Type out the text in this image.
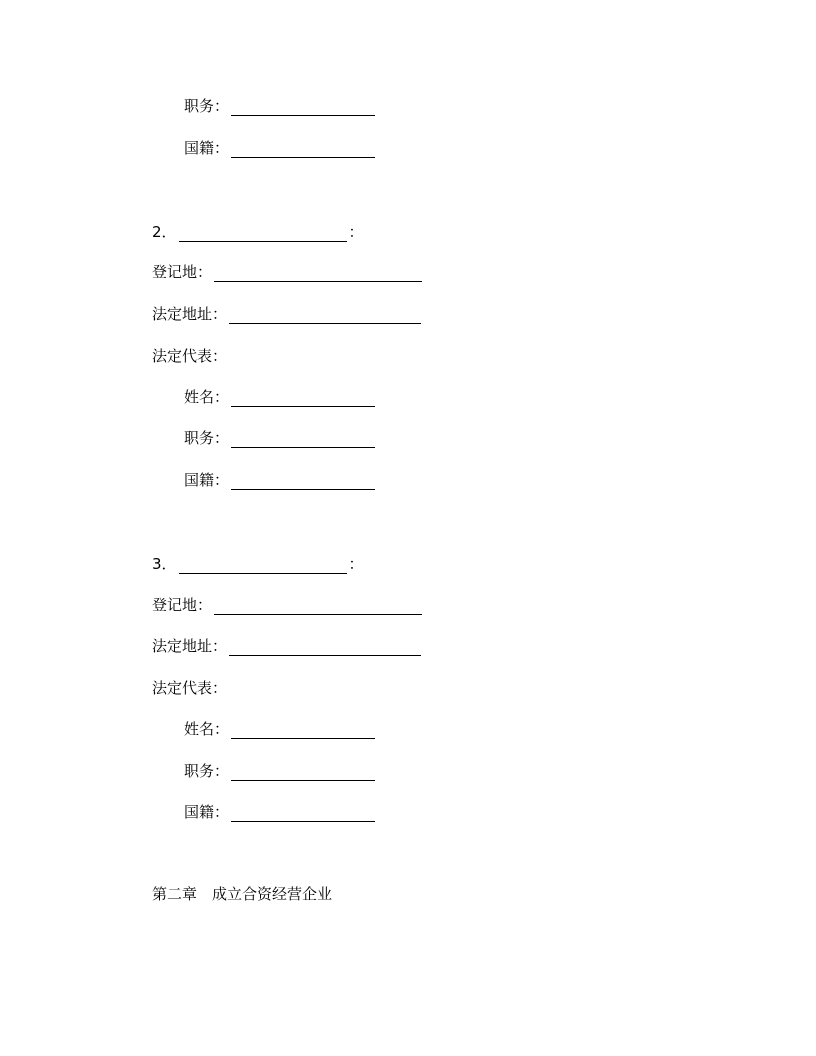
职务：
国籍：
2．	：
登记地：
法定地址：
法定代表：
姓名：
职务：
国籍：
3．	：
登记地：
法定地址：
法定代表：
姓名：
职务：
国籍：
第二章　成立合资经营企业
